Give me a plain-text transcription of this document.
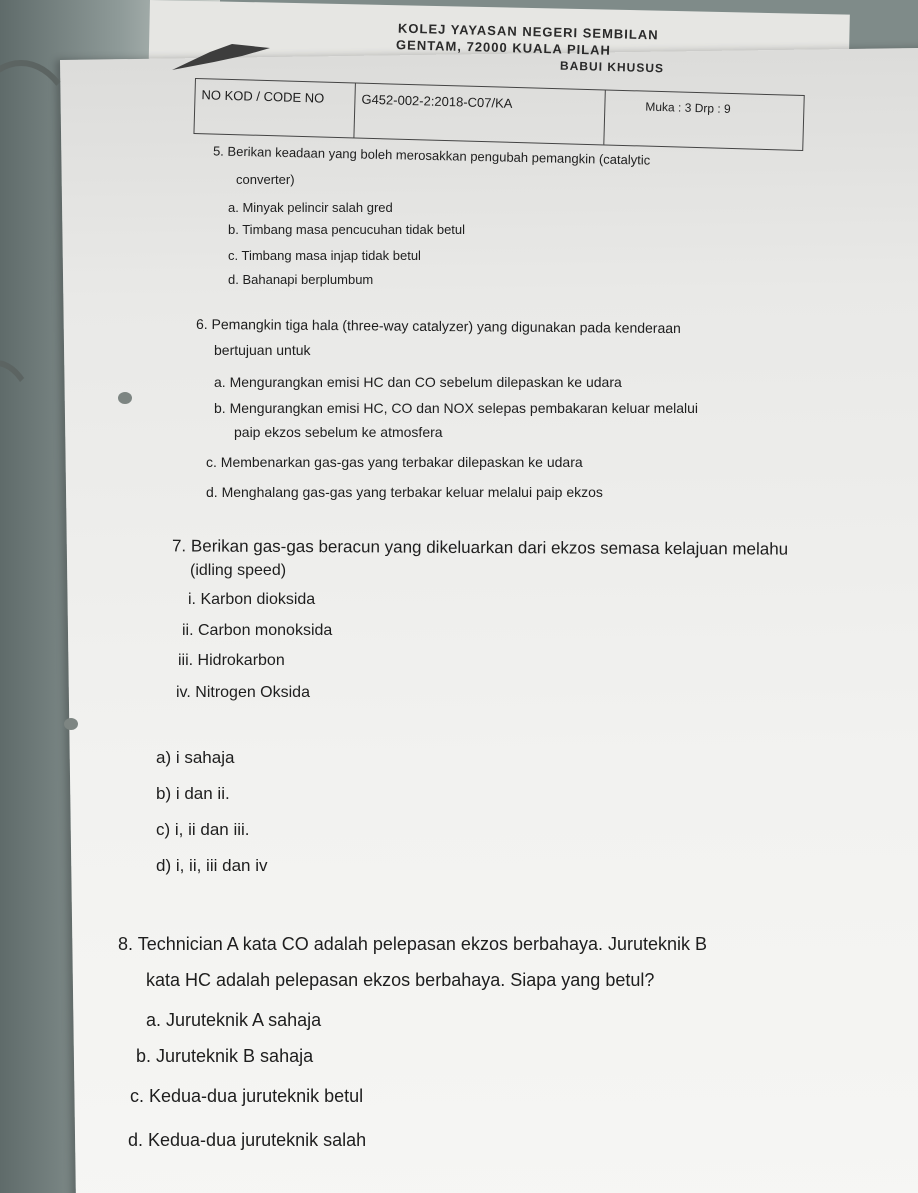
KOLEJ YAYASAN NEGERI SEMBILAN
GENTAM, 72000 KUALA PILAH
BABUI KHUSUS
NO KOD / CODE NO	G452-002-2:2018-C07/KA	Muka : 3 Drp : 9
5. Berikan keadaan yang boleh merosakkan pengubah pemangkin (catalytic
converter)
a. Minyak pelincir salah gred
b. Timbang masa pencucuhan tidak betul
c. Timbang masa injap tidak betul
d. Bahanapi berplumbum
6. Pemangkin tiga hala (three-way catalyzer) yang digunakan pada kenderaan
bertujuan untuk
a. Mengurangkan emisi HC dan CO sebelum dilepaskan ke udara
b. Mengurangkan emisi HC, CO dan NOX selepas pembakaran keluar melalui
paip ekzos sebelum ke atmosfera
c. Membenarkan gas-gas yang terbakar dilepaskan ke udara
d. Menghalang gas-gas yang terbakar keluar melalui paip ekzos
7. Berikan gas-gas beracun yang dikeluarkan dari ekzos semasa kelajuan melahu
(idling speed)
i. Karbon dioksida
ii. Carbon monoksida
iii. Hidrokarbon
iv. Nitrogen Oksida
a) i sahaja
b) i dan ii.
c) i, ii dan iii.
d) i, ii, iii dan iv
8. Technician A kata CO adalah pelepasan ekzos berbahaya. Juruteknik B
kata HC adalah pelepasan ekzos berbahaya. Siapa yang betul?
a. Juruteknik A sahaja
b. Juruteknik B sahaja
c. Kedua-dua juruteknik betul
d. Kedua-dua juruteknik salah
